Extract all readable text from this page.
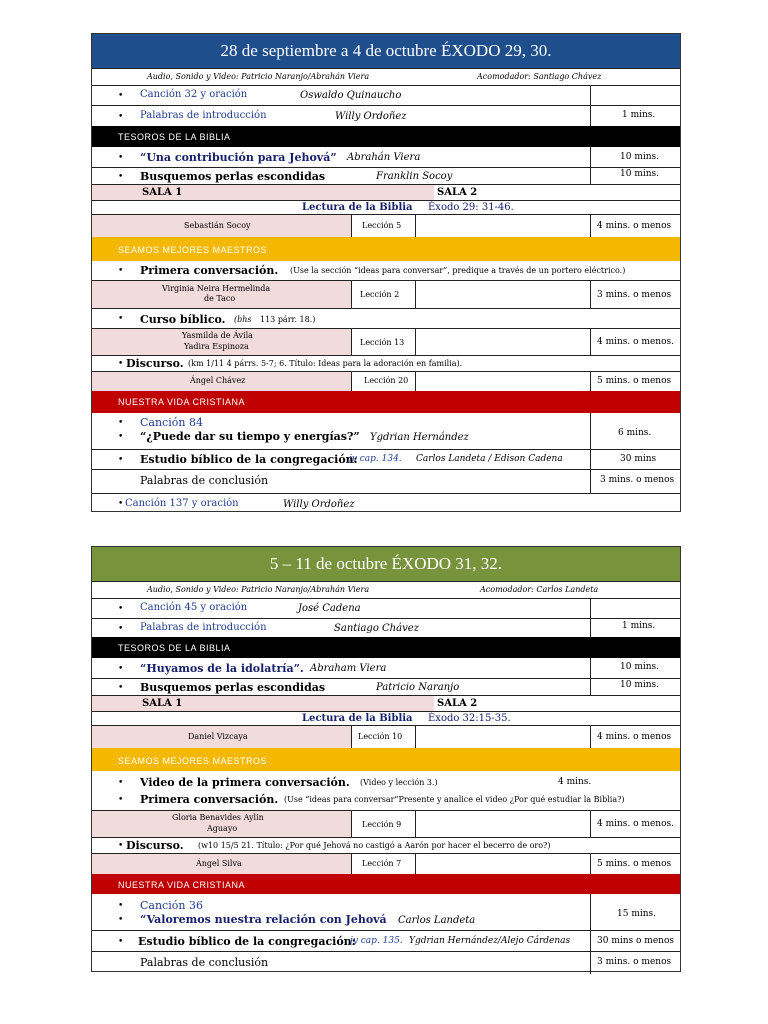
28 de septiembre a 4 de octubre ÉXODO 29, 30.
Audio, Sonido y Video: Patricio Naranjo/Abrahán Viera	Acomodador: Santiago Chávez
• Canción 32 y oración	Oswaldo Quinaucho
• Palabras de introducción	Willy Ordoñez	1 mins.
TESOROS DE LA BIBLIA
• “Una contribución para Jehová” Abrahán Viera	10 mins.
• Busquemos perlas escondidas	Franklin Socoy	10 mins.
SALA 1	SALA 2
Lectura de la Biblia Éxodo 29: 31-46.
Sebastián Socoy	Lección 5	4 mins. o menos
SEAMOS MEJORES MAESTROS
• Primera conversación. (Use la sección “ideas para conversar”, predique a través de un portero eléctrico.)
Virginia Neira Hermelinda
de Taco	Lección 2	3 mins. o menos
• Curso bíblico. (bhs 113 párr. 18.)
Yasmilda de Ávila
Yadira Espinoza	Lección 13	4 mins. o menos.
• Discurso. (km 1/11 4 párrs. 5-7; 6. Título: Ideas para la adoración en familia).
Ángel Chávez	Lección 20	5 mins. o menos
NUESTRA VIDA CRISTIANA
• Canción 84
• “¿Puede dar su tiempo y energías?” Ygdrian Hernández	6 mins.
• Estudio bíblico de la congregación:
jy cap. 134. Carlos Landeta / Edison Cadena	30 mins
Palabras de conclusión	3 mins. o menos
• Canción 137 y oración	Willy Ordoñez
5 – 11 de octubre ÉXODO 31, 32.
Audio, Sonido y Video: Patricio Naranjo/Abrahán Viera	Acomodador: Carlos Landeta
• Canción 45 y oración	José Cadena
• Palabras de introducción	Santiago Chávez	1 mins.
TESOROS DE LA BIBLIA
• “Huyamos de la idolatría”. Abraham Viera	10 mins.
• Busquemos perlas escondidas	Patricio Naranjo	10 mins.
SALA 1	SALA 2
Lectura de la Biblia Éxodo 32:15-35.
Daniel Vizcaya	Lección 10	4 mins. o menos
SEAMOS MEJORES MAESTROS
• Video de la primera conversación. (Video y lección 3.)	4 mins.
• Primera conversación. (Use “ideas para conversar”Presente y analice el video ¿Por qué estudiar la Biblia?)
Gloria Benavides Aylin
Aguayo	Lección 9	4 mins. o menos.
• Discurso. (w10 15/5 21. Título: ¿Por qué Jehová no castigó a Aarón por hacer el becerro de oro?)
Ángel Silva	Lección 7	5 mins. o menos
NUESTRA VIDA CRISTIANA
• Canción 36
• “Valoremos nuestra relación con Jehová Carlos Landeta
15 mins.
• Estudio bíblico de la congregación:
jy cap. 135. Ygdrian Hernández/Alejo Cárdenas	30 mins o menos
Palabras de conclusión	3 mins. o menos
